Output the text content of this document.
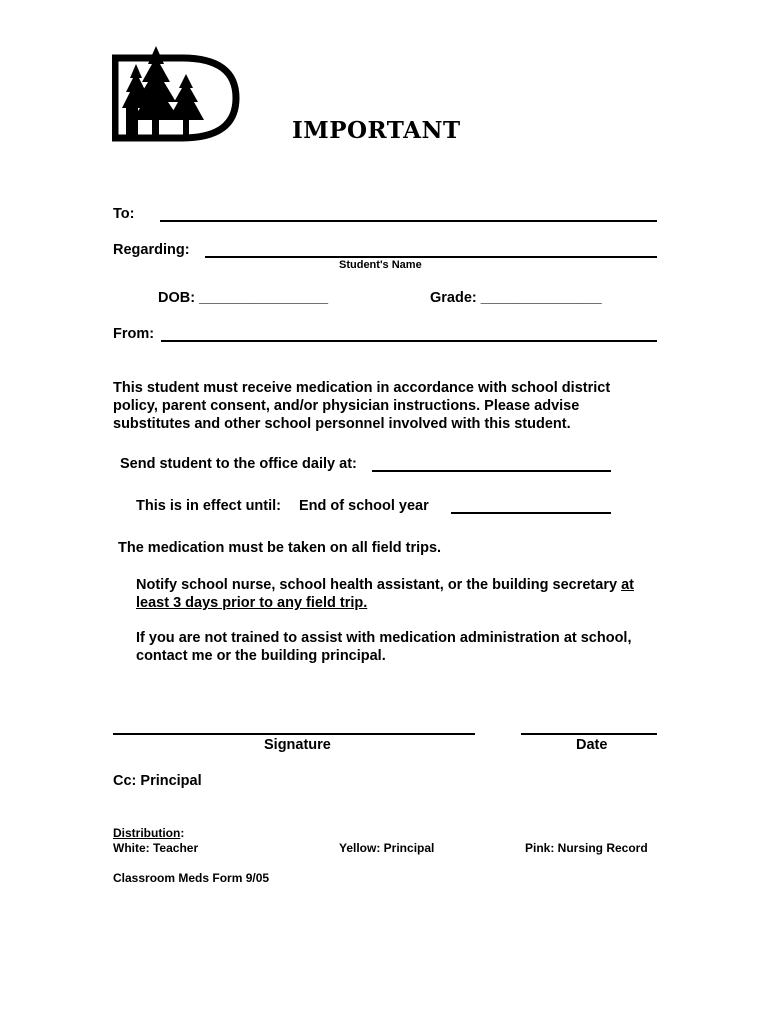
IMPORTANT
To:
Regarding:
Student's Name
DOB: ________________	Grade: _______________
From:
This student must receive medication in accordance with school district
policy, parent consent, and/or physician instructions. Please advise
substitutes and other school personnel involved with this student.
Send student to the office daily at:
This is in effect until: End of school year
The medication must be taken on all field trips.
Notify school nurse, school health assistant, or the building secretary at
least 3 days prior to any field trip.
If you are not trained to assist with medication administration at school,
contact me or the building principal.
Signature	Date
Cc: Principal
Distribution:
White: Teacher	Yellow: Principal	Pink: Nursing Record
Classroom Meds Form 9/05
